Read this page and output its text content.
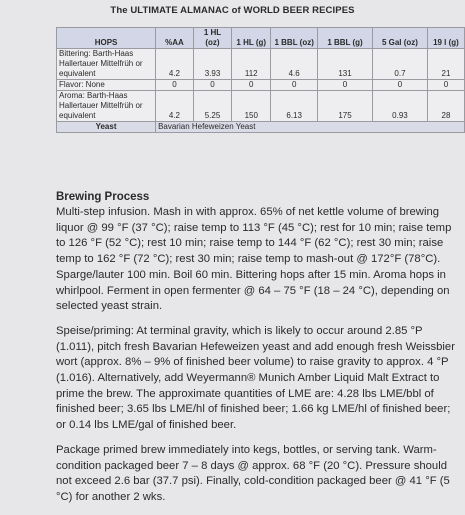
The ULTIMATE ALMANAC of WORLD BEER RECIPES
HOPS	%AA	1 HL (oz)	1 HL (g)	1 BBL (oz)	1 BBL (g)	5 Gal (oz)	19 l (g)
Bittering: Barth-Haas Hallertauer Mittelfrüh or equivalent	4.2	3.93	112	4.6	131	0.7	21
Flavor: None	0	0	0	0	0	0	0
Aroma: Barth-Haas Hallertauer Mittelfrüh or equivalent	4.2	5.25	150	6.13	175	0.93	28
Yeast	Bavarian Hefeweizen Yeast						
Brewing Process

Multi-step infusion. Mash in with approx. 65% of net kettle volume of brewing liquor @ 99 °F (37 °C); raise temp to 113 °F (45 °C); rest for 10 min; raise temp to 126 °F (52 °C); rest 10 min; raise temp to 144 °F (62 °C); rest 30 min; raise temp to 162 °F (72 °C); rest 30 min; raise temp to mash-out @ 172°F (78°C). Sparge/lauter 100 min. Boil 60 min. Bittering hops after 15 min. Aroma hops in whirlpool. Ferment in open fermenter @ 64 – 75 °F (18 – 24 °C), depending on selected yeast strain.

Speise/priming: At terminal gravity, which is likely to occur around 2.85 °P (1.011), pitch fresh Bavarian Hefeweizen yeast and add enough fresh Weissbier wort (approx. 8% – 9% of finished beer volume) to raise gravity to approx. 4 °P (1.016). Alternatively, add Weyermann® Munich Amber Liquid Malt Extract to prime the brew. The approximate quantities of LME are: 4.28 lbs LME/bbl of finished beer; 3.65 lbs LME/hl of finished beer; 1.66 kg LME/hl of finished beer; or 0.14 lbs LME/gal of finished beer.

Package primed brew immediately into kegs, bottles, or serving tank. Warm-condition packaged beer 7 – 8 days @ approx. 68 °F (20 °C). Pressure should not exceed 2.6 bar (37.7 psi). Finally, cold-condition packaged beer @ 41 °F (5 °C) for another 2 wks.
